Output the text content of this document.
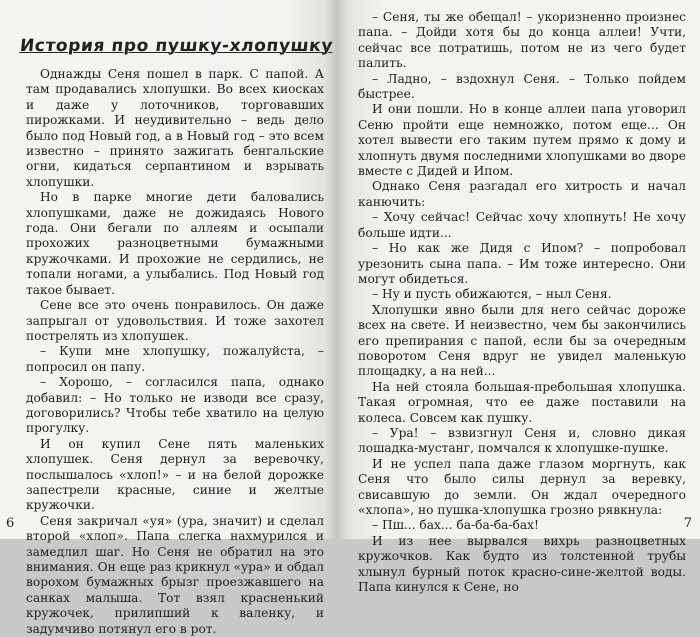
История про пушку-хлопушку

Однажды Сеня пошел в парк. С папой. А там продавались хлопушки. Во всех киосках и даже у лоточников, торговавших пирожками. И неудивительно – ведь дело было под Новый год, а в Новый год – это всем известно – принято зажигать бенгальские огни, кидаться серпантином и взрывать хлопушки.

Но в парке многие дети баловались хлопушками, даже не дожидаясь Нового года. Они бегали по аллеям и осыпали прохожих разноцветными бумажными кружочками. И прохожие не сердились, не топали ногами, а улыбались. Под Новый год такое бывает.

Сене все это очень понравилось. Он даже запрыгал от удовольствия. И тоже захотел пострелять из хлопушек.

– Купи мне хлопушку, пожалуйста, – попросил он папу.

– Хорошо, – согласился папа, однако добавил: – Но только не изводи все сразу, договорились? Чтобы тебе хватило на целую прогулку.

И он купил Сене пять маленьких хлопушек. Сеня дернул за веревочку, послышалось «хлоп!» – и на белой дорожке запестрели красные, синие и желтые кружочки.

Сеня закричал «уя» (ура, значит) и сделал второй «хлоп». Папа слегка нахмурился и замедлил шаг. Но Сеня не обратил на это внимания. Он еще раз крикнул «ура» и обдал ворохом бумажных брызг проезжавшего на санках малыша. Тот взял красненький кружочек, прилипший к валенку, и задумчиво потянул его в рот.

6

– Сеня, ты же обещал! – укоризненно произнес папа. – Дойди хотя бы до конца аллеи! Учти, сейчас все потратишь, потом не из чего будет палить.

– Ладно, – вздохнул Сеня. – Только пойдем быстрее.

И они пошли. Но в конце аллеи папа уговорил Сеню пройти еще немножко, потом еще... Он хотел вывести его таким путем прямо к дому и хлопнуть двумя последними хлопушками во дворе вместе с Дидей и Ипом.

Однако Сеня разгадал его хитрость и начал канючить:

– Хочу сейчас! Сейчас хочу хлопнуть! Не хочу больше идти...

– Но как же Дидя с Ипом? – попробовал урезонить сына папа. – Им тоже интересно. Они могут обидеться.

– Ну и пусть обижаются, – ныл Сеня.

Хлопушки явно были для него сейчас дороже всех на свете. И неизвестно, чем бы закончились его препирания с папой, если бы за очередным поворотом Сеня вдруг не увидел маленькую площадку, а на ней...

На ней стояла большая-пребольшая хлопушка. Такая огромная, что ее даже поставили на колеса. Совсем как пушку.

– Ура! – взвизгнул Сеня и, словно дикая лошадка-мустанг, помчался к хлопушке-пушке.

И не успел папа даже глазом моргнуть, как Сеня что было силы дернул за веревку, свисавшую до земли. Он ждал очередного «хлопа», но пушка-хлопушка грозно рявкнула:

– Пш... бах... ба-ба-ба-бах!

И из нее вырвался вихрь разноцветных кружочков. Как будто из толстенной трубы хлынул бурный поток красно-сине-желтой воды. Папа кинулся к Сене, но

7
